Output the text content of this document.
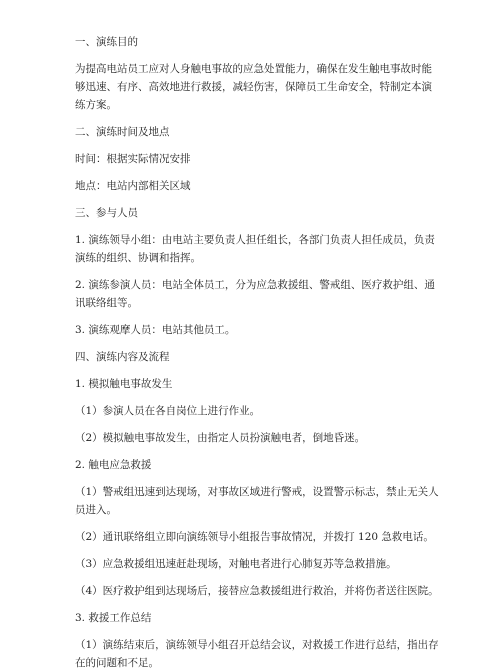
一、演练目的

为提高电站员工应对人身触电事故的应急处置能力，确保在发生触电事故时能够迅速、有序、高效地进行救援，减轻伤害，保障员工生命安全，特制定本演练方案。

二、演练时间及地点

时间：根据实际情况安排

地点：电站内部相关区域

三、参与人员

1. 演练领导小组：由电站主要负责人担任组长，各部门负责人担任成员，负责演练的组织、协调和指挥。

2. 演练参演人员：电站全体员工，分为应急救援组、警戒组、医疗救护组、通讯联络组等。

3. 演练观摩人员：电站其他员工。

四、演练内容及流程

1. 模拟触电事故发生

（1）参演人员在各自岗位上进行作业。

（2）模拟触电事故发生，由指定人员扮演触电者，倒地昏迷。

2. 触电应急救援

（1）警戒组迅速到达现场，对事故区域进行警戒，设置警示标志，禁止无关人员进入。

（2）通讯联络组立即向演练领导小组报告事故情况，并拨打 120 急救电话。

（3）应急救援组迅速赶赴现场，对触电者进行心肺复苏等急救措施。

（4）医疗救护组到达现场后，接替应急救援组进行救治，并将伤者送往医院。

3. 救援工作总结

（1）演练结束后，演练领导小组召开总结会议，对救援工作进行总结，指出存在的问题和不足。
